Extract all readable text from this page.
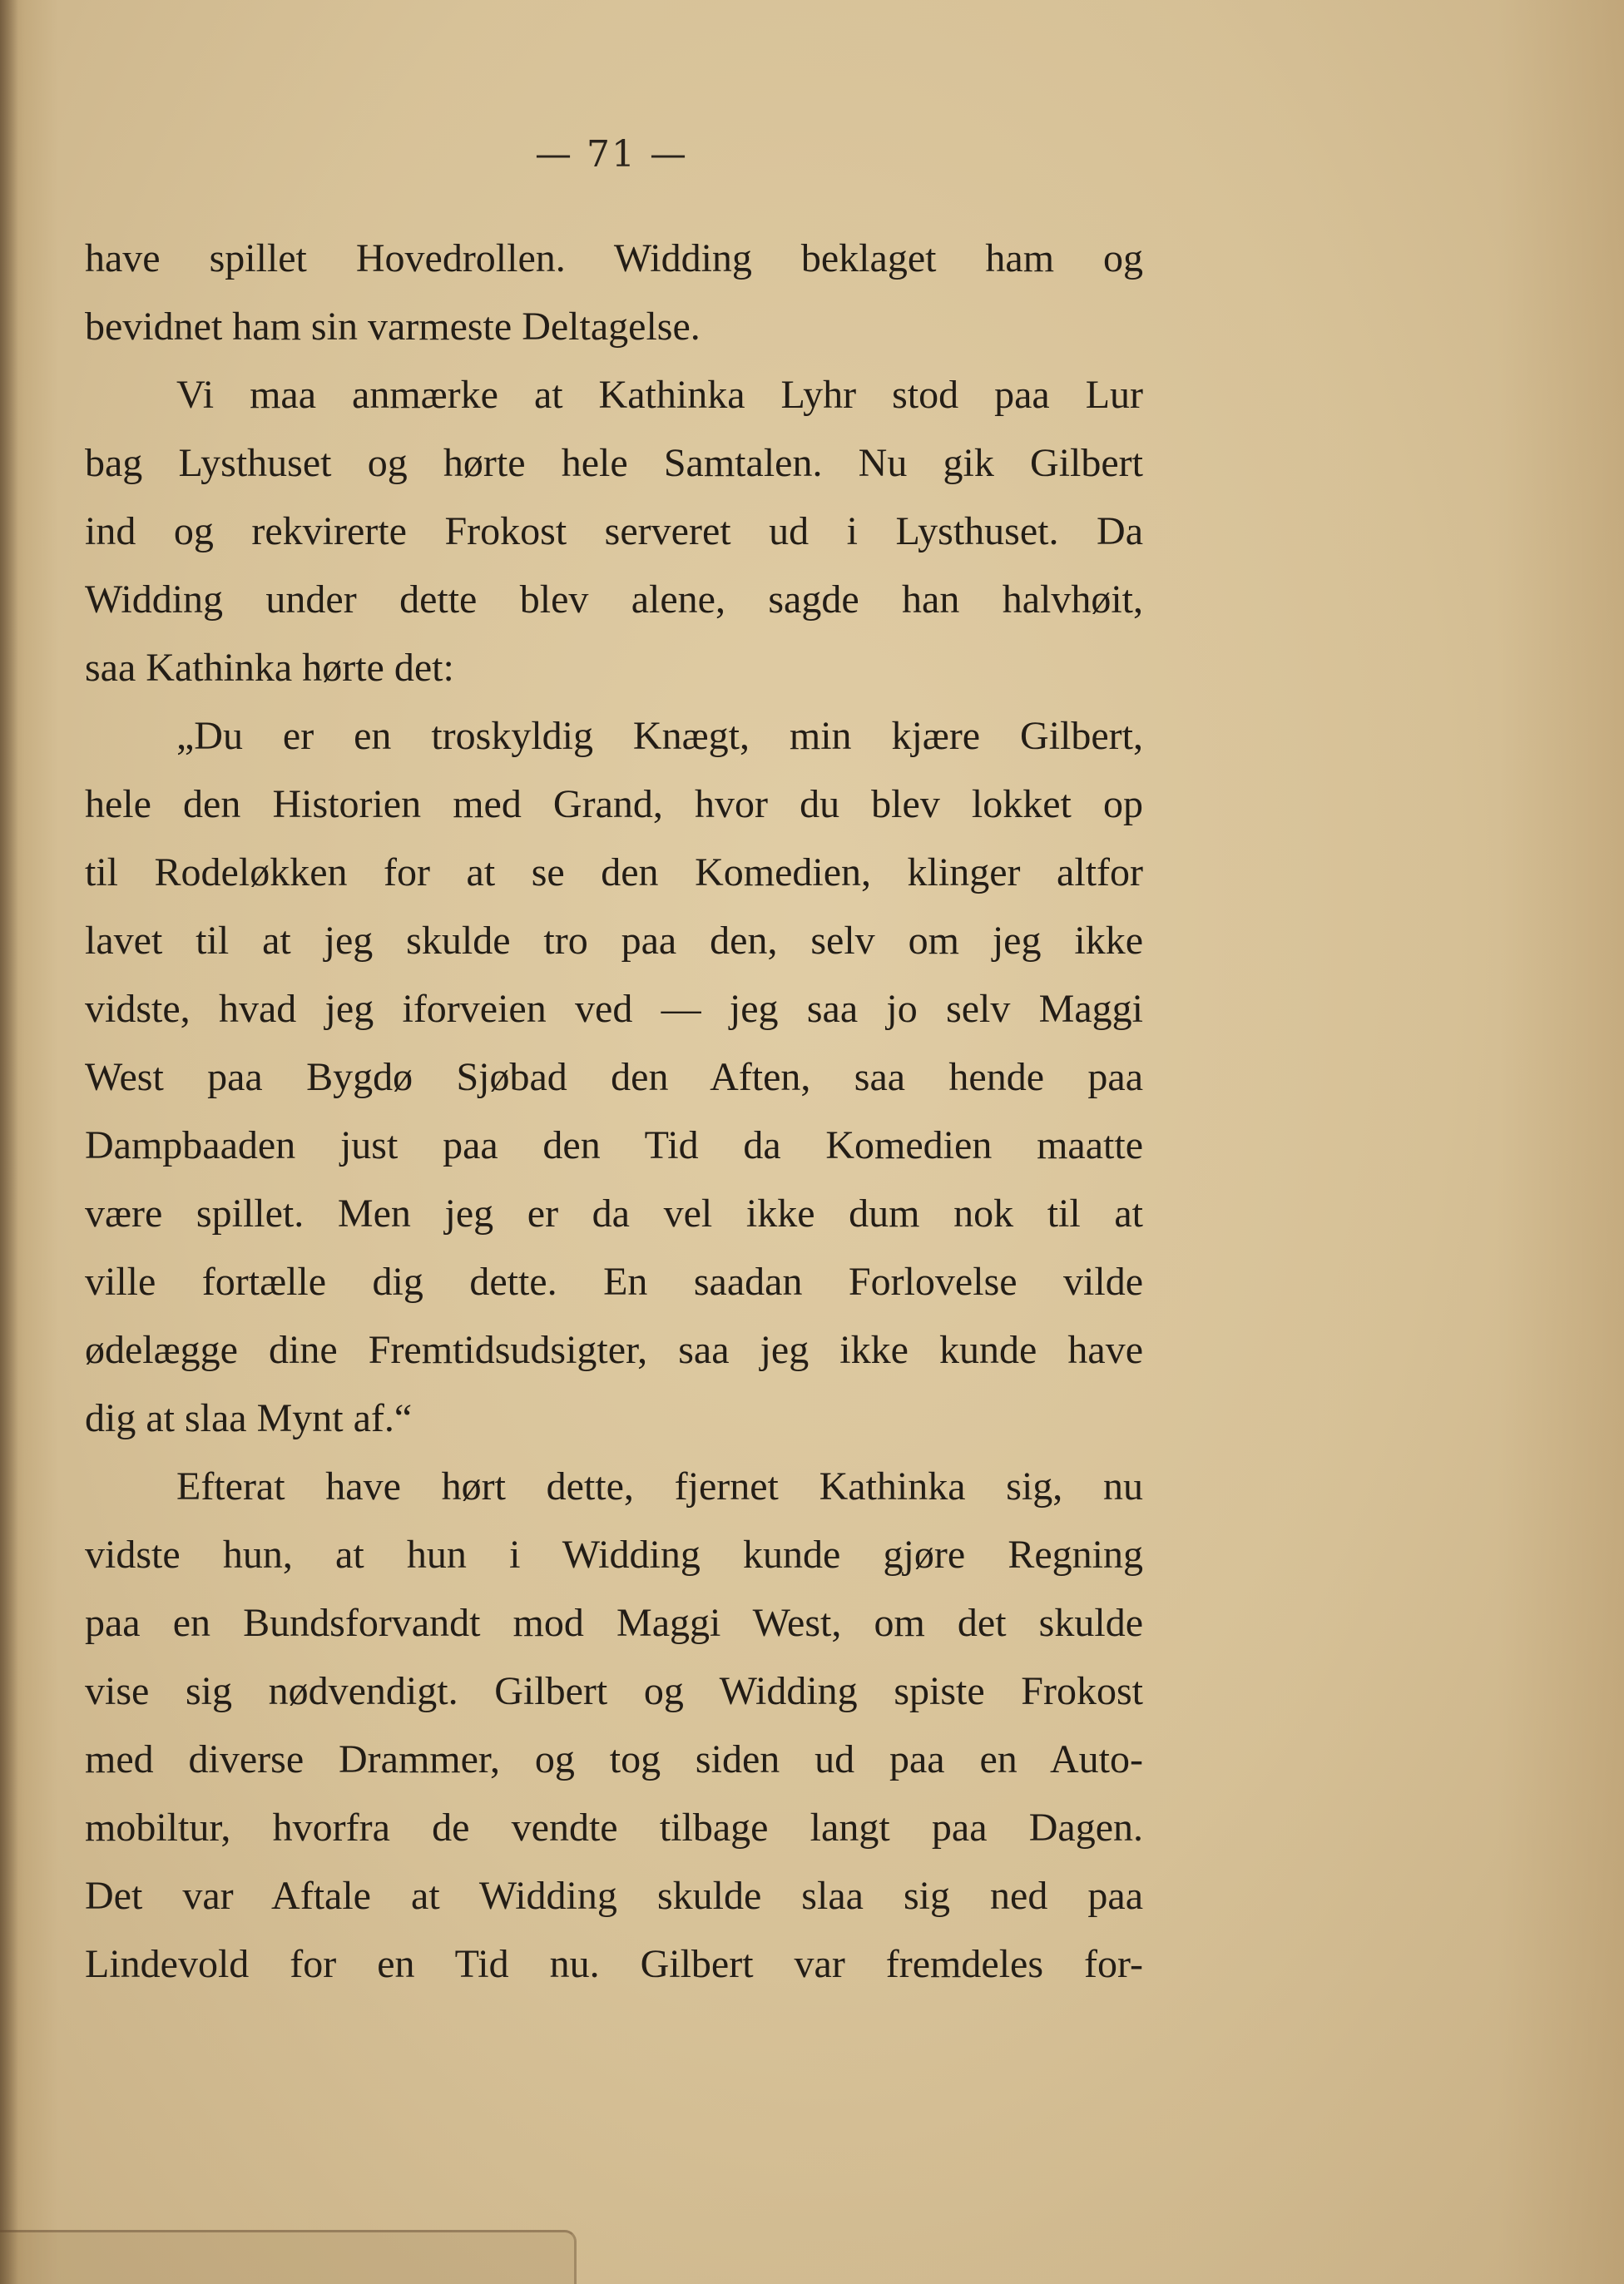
— 71 —
have spillet Hovedrollen. Widding beklaget ham og
bevidnet ham sin varmeste Deltagelse.
Vi maa anmærke at Kathinka Lyhr stod paa Lur
bag Lysthuset og hørte hele Samtalen. Nu gik Gilbert
ind og rekvirerte Frokost serveret ud i Lysthuset. Da
Widding under dette blev alene, sagde han halvhøit,
saa Kathinka hørte det:
„Du er en troskyldig Knægt, min kjære Gilbert,
hele den Historien med Grand, hvor du blev lokket op
til Rodeløkken for at se den Komedien, klinger altfor
lavet til at jeg skulde tro paa den, selv om jeg ikke
vidste, hvad jeg iforveien ved — jeg saa jo selv Maggi
West paa Bygdø Sjøbad den Aften, saa hende paa
Dampbaaden just paa den Tid da Komedien maatte
være spillet. Men jeg er da vel ikke dum nok til at
ville fortælle dig dette. En saadan Forlovelse vilde
ødelægge dine Fremtidsudsigter, saa jeg ikke kunde have
dig at slaa Mynt af.“
Efterat have hørt dette, fjernet Kathinka sig, nu
vidste hun, at hun i Widding kunde gjøre Regning
paa en Bundsforvandt mod Maggi West, om det skulde
vise sig nødvendigt. Gilbert og Widding spiste Frokost
med diverse Drammer, og tog siden ud paa en Auto-
mobiltur, hvorfra de vendte tilbage langt paa Dagen.
Det var Aftale at Widding skulde slaa sig ned paa
Lindevold for en Tid nu. Gilbert var fremdeles for-
